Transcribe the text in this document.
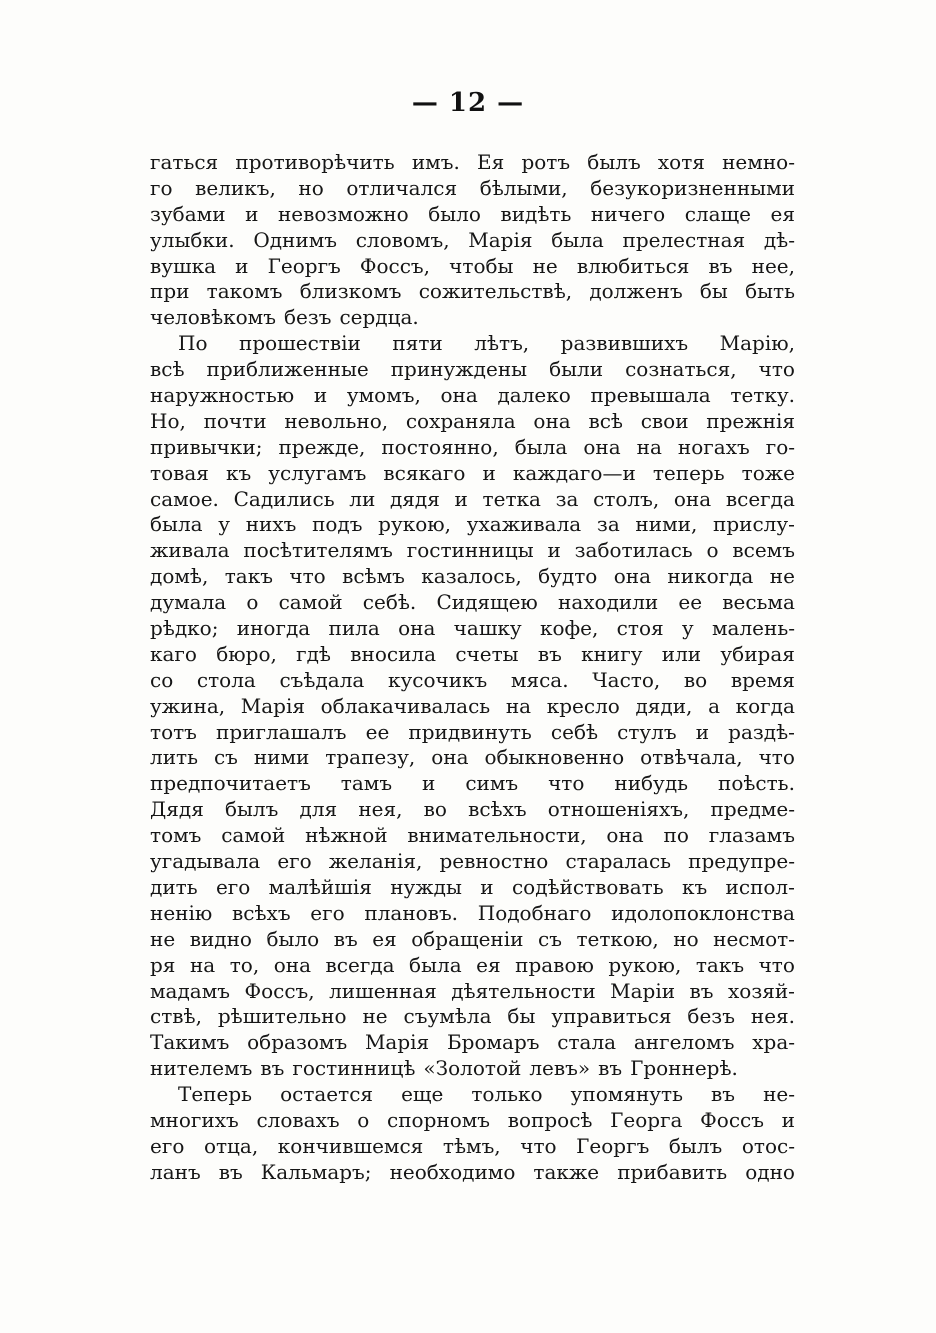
— 12 —
гаться противорѣчить имъ. Ея ротъ былъ хотя немно-
го великъ, но отличался бѣлыми, безукоризненными
зубами и невозможно было видѣть ничего слаще ея
улыбки. Однимъ словомъ, Марія была прелестная дѣ-
вушка и Георгъ Фоссъ, чтобы не влюбиться въ нее,
при такомъ близкомъ сожительствѣ, долженъ бы быть
человѣкомъ безъ сердца.
По прошествіи пяти лѣтъ, развившихъ Марію,
всѣ приближенные принуждены были сознаться, что
наружностью и умомъ, она далеко превышала тетку.
Но, почти невольно, сохраняла она всѣ свои прежнія
привычки; прежде, постоянно, была она на ногахъ го-
товая къ услугамъ всякаго и каждаго—и теперь тоже
самое. Садились ли дядя и тетка за столъ, она всегда
была у нихъ подъ рукою, ухаживала за ними, прислу-
живала посѣтителямъ гостинницы и заботилась о всемъ
домѣ, такъ что всѣмъ казалось, будто она никогда не
думала о самой себѣ. Сидящею находили ее весьма
рѣдко; иногда пила она чашку кофе, стоя у малень-
каго бюро, гдѣ вносила счеты въ книгу или убирая
со стола съѣдала кусочикъ мяса. Часто, во время
ужина, Марія облакачивалась на кресло дяди, а когда
тотъ приглашалъ ее придвинуть себѣ стулъ и раздѣ-
лить съ ними трапезу, она обыкновенно отвѣчала, что
предпочитаетъ тамъ и симъ что нибудь поѣсть.
Дядя былъ для нея, во всѣхъ отношеніяхъ, предме-
томъ самой нѣжной внимательности, она по глазамъ
угадывала его желанія, ревностно старалась предупре-
дить его малѣйшія нужды и содѣйствовать къ испол-
ненію всѣхъ его плановъ. Подобнаго идолопоклонства
не видно было въ ея обращеніи съ теткою, но несмот-
ря на то, она всегда была ея правою рукою, такъ что
мадамъ Фоссъ, лишенная дѣятельности Маріи въ хозяй-
ствѣ, рѣшительно не съумѣла бы управиться безъ нея.
Такимъ образомъ Марія Бромаръ стала ангеломъ хра-
нителемъ въ гостинницѣ «Золотой левъ» въ Гроннерѣ.
Теперь остается еще только упомянуть въ не-
многихъ словахъ о спорномъ вопросѣ Георга Фоссъ и
его отца, кончившемся тѣмъ, что Георгъ былъ отос-
ланъ въ Кальмаръ; необходимо также прибавить одно
